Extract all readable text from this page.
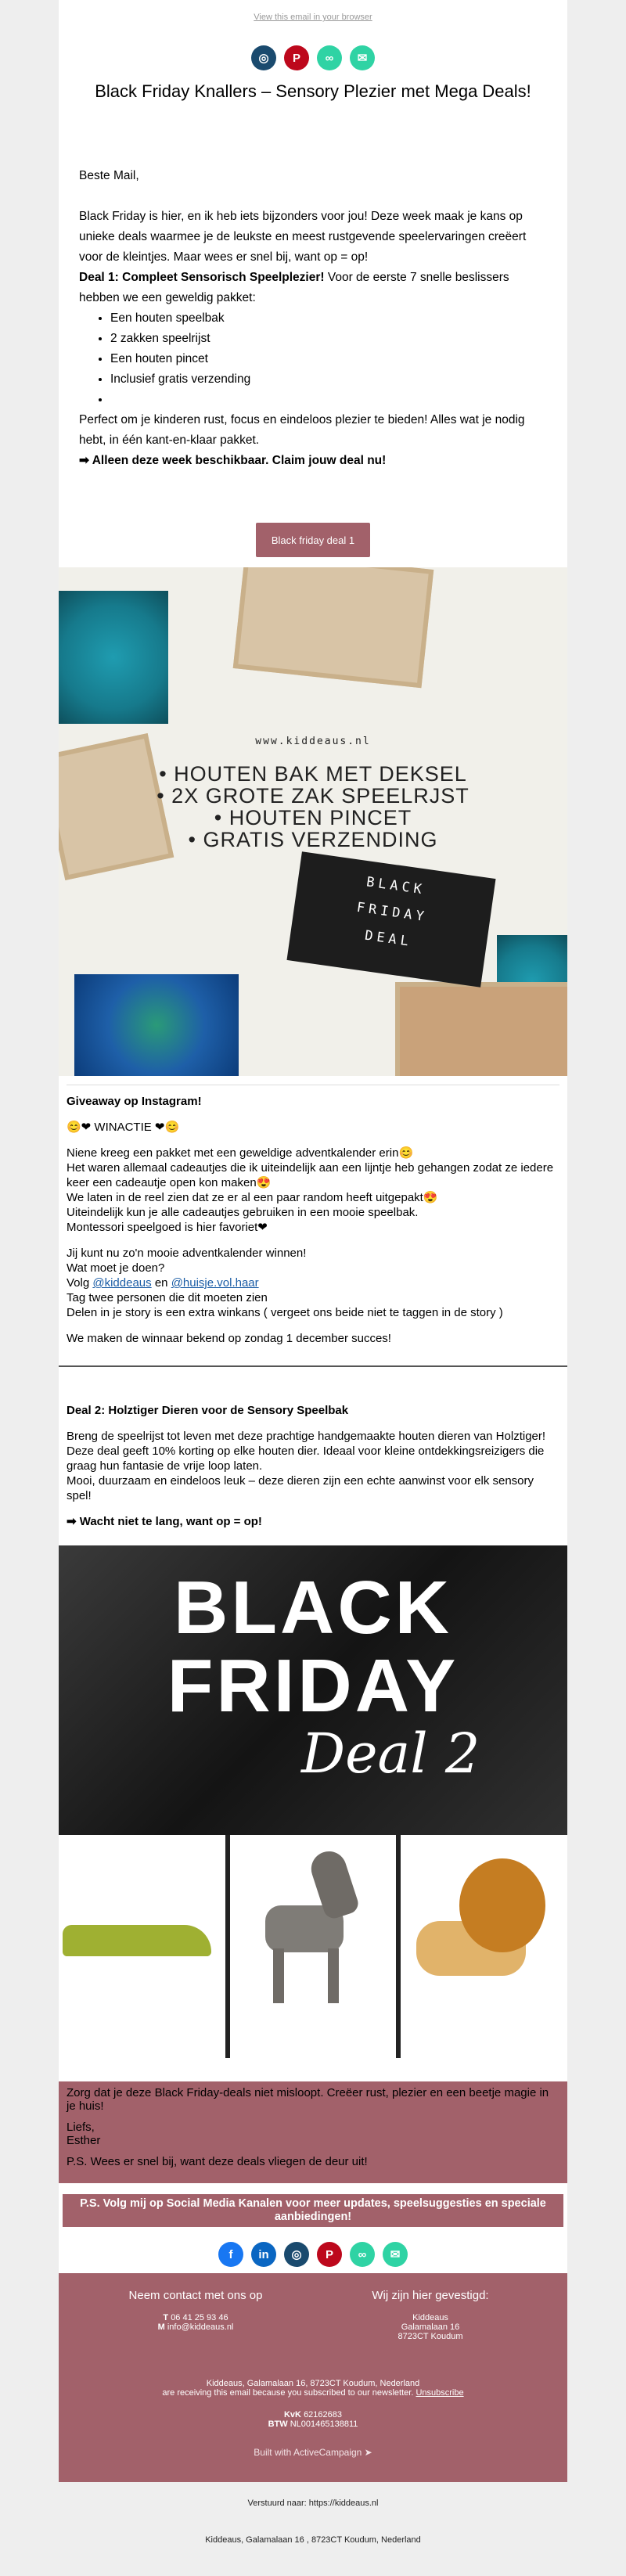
View this email in your browser
◎	P	∞	✉
Black Friday Knallers – Sensory Plezier met Mega Deals!

Beste Mail,

Black Friday is hier, en ik heb iets bijzonders voor jou! Deze week maak je kans op unieke deals waarmee je de leukste en meest rustgevende speelervaringen creëert voor de kleintjes. Maar wees er snel bij, want op = op!

Deal 1: Compleet Sensorisch Speelplezier! Voor de eerste 7 snelle beslissers hebben we een geweldig pakket:

• Een houten speelbak
• 2 zakken speelrijst
• Een houten pincet
• Inclusief gratis verzending
•

Perfect om je kinderen rust, focus en eindeloos plezier te bieden! Alles wat je nodig hebt, in één kant-en-klaar pakket.

➡ Alleen deze week beschikbaar. Claim jouw deal nu!

Black friday deal 1
www.kiddeaus.nl
• HOUTEN BAK MET DEKSEL
• 2X GROTE ZAK SPEELRJST
• HOUTEN PINCET
• GRATIS VERZENDING
BLACK
FRIDAY
DEAL

Giveaway op Instagram!

😊❤ WINACTIE ❤😊

Niene kreeg een pakket met een geweldige adventkalender erin😊
Het waren allemaal cadeautjes die ik uiteindelijk aan een lijntje heb gehangen zodat ze iedere keer een cadeautje open kon maken😍
We laten in de reel zien dat ze er al een paar random heeft uitgepakt😍
Uiteindelijk kun je alle cadeautjes gebruiken in een mooie speelbak.
Montessori speelgoed is hier favoriet❤

Jij kunt nu zo'n mooie adventkalender winnen!
Wat moet je doen?
Volg @kiddeaus en @huisje.vol.haar
Tag twee personen die dit moeten zien
Delen in je story is een extra winkans ( vergeet ons beide niet te taggen in de story )

We maken de winnaar bekend op zondag 1 december succes!

Deal 2: Holztiger Dieren voor de Sensory Speelbak

Breng de speelrijst tot leven met deze prachtige handgemaakte houten dieren van Holztiger!
Deze deal geeft 10% korting op elke houten dier. Ideaal voor kleine ontdekkingsreizigers die graag hun fantasie de vrije loop laten.
Mooi, duurzaam en eindeloos leuk – deze dieren zijn een echte aanwinst voor elk sensory spel!

➡ Wacht niet te lang, want op = op!

BLACK
FRIDAY
Deal 2

Zorg dat je deze Black Friday-deals niet misloopt. Creëer rust, plezier en een beetje magie in je huis!

Liefs,
Esther

P.S. Wees er snel bij, want deze deals vliegen de deur uit!

P.S. Volg mij op Social Media Kanalen voor meer updates, speelsuggesties en speciale aanbiedingen!
f	in	◎	P	∞	✉
Neem contact met ons op
T 06 41 25 93 46
M info@kiddeaus.nl
Wij zijn hier gevestigd:
Kiddeaus
Galamalaan 16
8723CT Koudum
Kiddeaus, Galamalaan 16, 8723CT Koudum, Nederland
are receiving this email because you subscribed to our newsletter. Unsubscribe
KvK 62162683
BTW NL001465138811
Built with ActiveCampaign ➤
Verstuurd naar: https://kiddeaus.nl
Kiddeaus, Galamalaan 16 , 8723CT Koudum, Nederland
